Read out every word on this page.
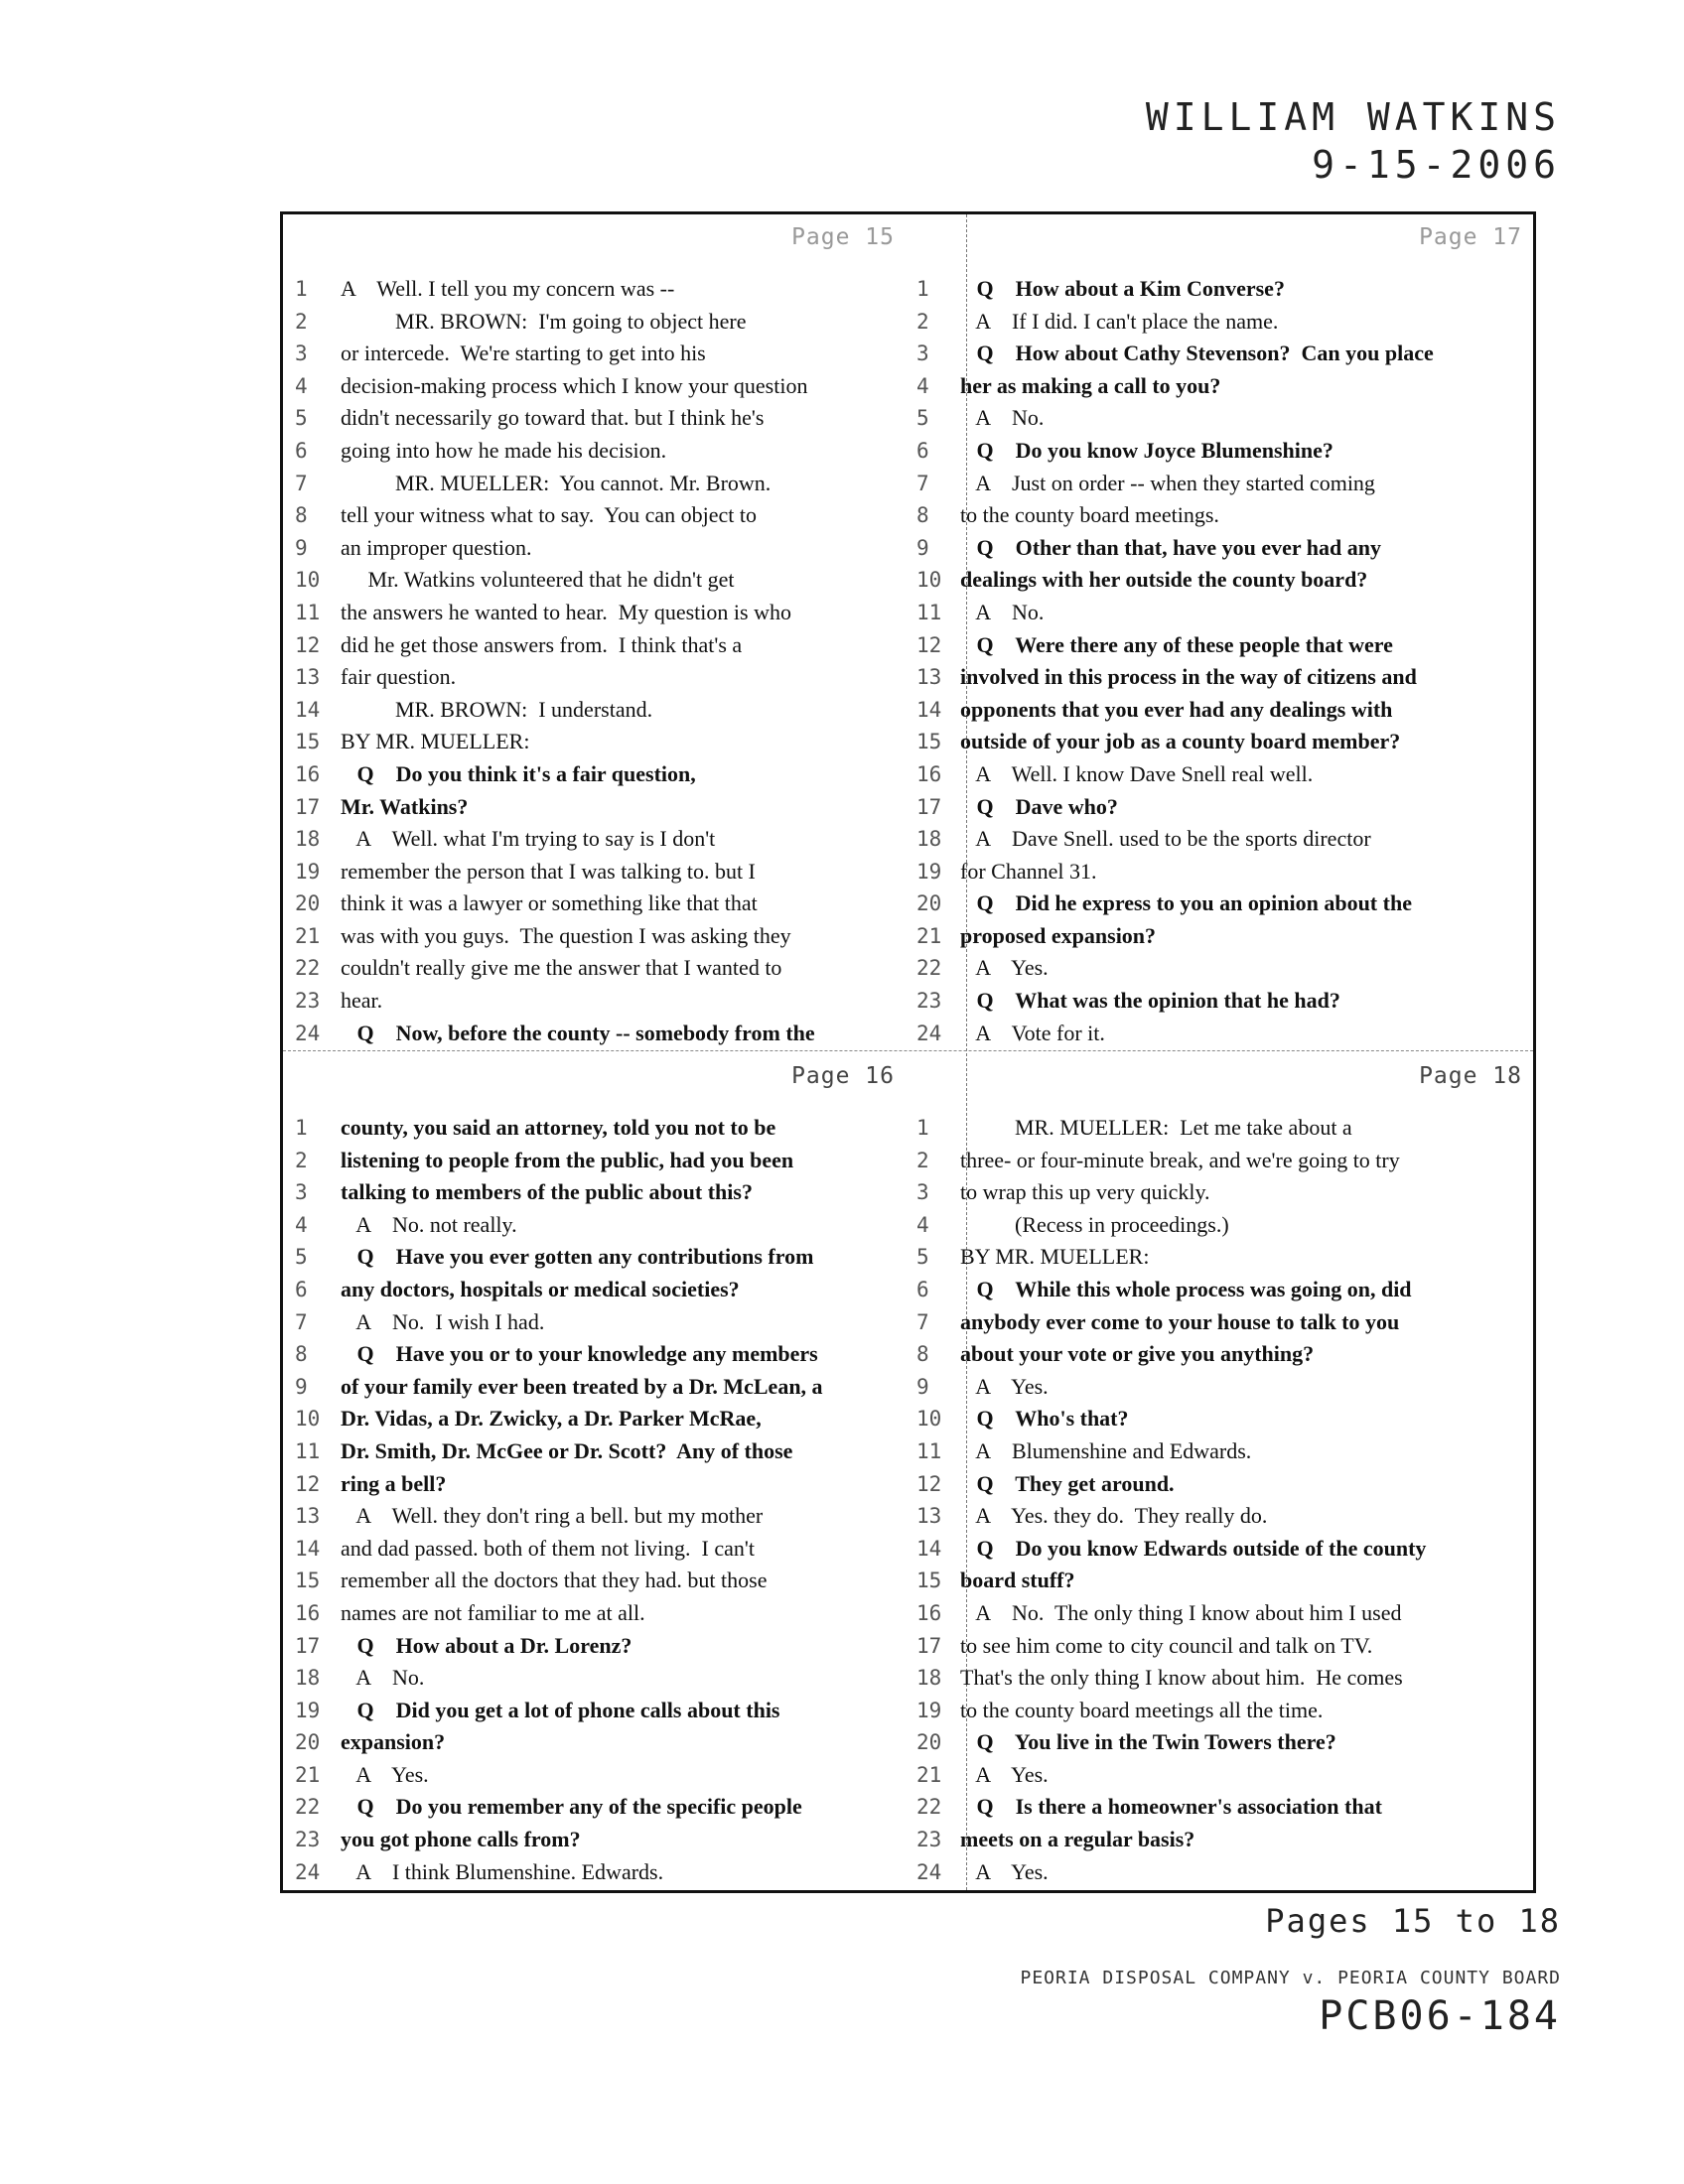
WILLIAM WATKINS
9-15-2006
Page 15
1	A    Well. I tell you my concern was --
2	MR. BROWN:  I'm going to object here
3	or intercede.  We're starting to get into his
4	decision-making process which I know your question
5	didn't necessarily go toward that. but I think he's
6	going into how he made his decision.
7	MR. MUELLER:  You cannot. Mr. Brown.
8	tell your witness what to say.  You can object to
9	an improper question.
10 Mr. Watkins volunteered that he didn't get
11 the answers he wanted to hear.  My question is who
12 did he get those answers from.  I think that's a
13 fair question.
14 MR. BROWN:  I understand.
15 BY MR. MUELLER:
16 Q    Do you think it's a fair question,
17 Mr. Watkins?
18 A    Well. what I'm trying to say is I don't
19 remember the person that I was talking to. but I
20 think it was a lawyer or something like that that
21 was with you guys.  The question I was asking they
22 couldn't really give me the answer that I wanted to
23 hear.
24 Q    Now, before the county -- somebody from the
Page 17
1	Q    How about a Kim Converse?
2	A    If I did. I can't place the name.
3	Q    How about Cathy Stevenson?  Can you place
4	her as making a call to you?
5	A    No.
6	Q    Do you know Joyce Blumenshine?
7	A    Just on order -- when they started coming
8	to the county board meetings.
9	Q    Other than that, have you ever had any
10 dealings with her outside the county board?
11 A    No.
12 Q    Were there any of these people that were
13 involved in this process in the way of citizens and
14 opponents that you ever had any dealings with
15 outside of your job as a county board member?
16 A    Well. I know Dave Snell real well.
17 Q    Dave who?
18 A    Dave Snell. used to be the sports director
19 for Channel 31.
20 Q    Did he express to you an opinion about the
21 proposed expansion?
22 A    Yes.
23 Q    What was the opinion that he had?
24 A    Vote for it.
Page 16
1	county, you said an attorney, told you not to be
2	listening to people from the public, had you been
3	talking to members of the public about this?
4	A    No. not really.
5	Q    Have you ever gotten any contributions from
6	any doctors, hospitals or medical societies?
7	A    No.  I wish I had.
8	Q    Have you or to your knowledge any members
9	of your family ever been treated by a Dr. McLean, a
10 Dr. Vidas, a Dr. Zwicky, a Dr. Parker McRae,
11 Dr. Smith, Dr. McGee or Dr. Scott?  Any of those
12 ring a bell?
13 A    Well. they don't ring a bell. but my mother
14 and dad passed. both of them not living.  I can't
15 remember all the doctors that they had. but those
16 names are not familiar to me at all.
17 Q    How about a Dr. Lorenz?
18 A    No.
19 Q    Did you get a lot of phone calls about this
20 expansion?
21 A    Yes.
22 Q    Do you remember any of the specific people
23 you got phone calls from?
24 A    I think Blumenshine. Edwards.
Page 18
1	MR. MUELLER:  Let me take about a
2	three- or four-minute break, and we're going to try
3	to wrap this up very quickly.
4	(Recess in proceedings.)
5	BY MR. MUELLER:
6	Q    While this whole process was going on, did
7	anybody ever come to your house to talk to you
8	about your vote or give you anything?
9	A    Yes.
10 Q    Who's that?
11 A    Blumenshine and Edwards.
12 Q    They get around.
13 A    Yes. they do.  They really do.
14 Q    Do you know Edwards outside of the county
15 board stuff?
16 A    No.  The only thing I know about him I used
17 to see him come to city council and talk on TV.
18 That's the only thing I know about him.  He comes
19 to the county board meetings all the time.
20 Q    You live in the Twin Towers there?
21 A    Yes.
22 Q    Is there a homeowner's association that
23 meets on a regular basis?
24 A    Yes.
Pages 15 to 18
PEORIA DISPOSAL COMPANY v. PEORIA COUNTY BOARD
PCB06-184
